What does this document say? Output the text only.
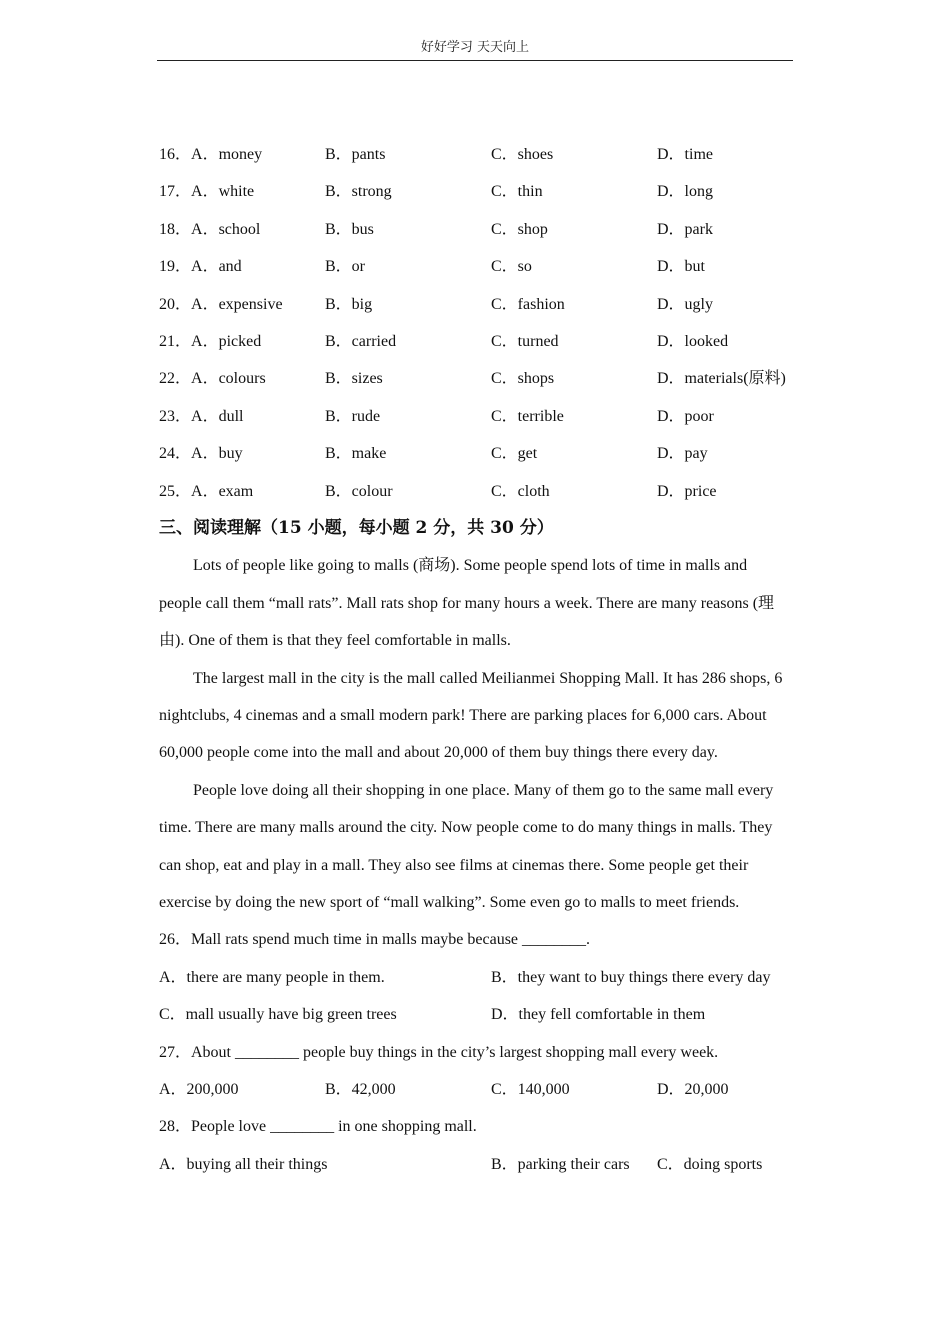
好好学习 天天向上
16．A．money	B．pants	C．shoes	D．time
17．A．white	B．strong	C．thin	D．long
18．A．school	B．bus	C．shop	D．park
19．A．and	B．or	C．so	D．but
20．A．expensive	B．big	C．fashion	D．ugly
21．A．picked	B．carried	C．turned	D．looked
22．A．colours	B．sizes	C．shops	D．materials(原料)
23．A．dull	B．rude	C．terrible	D．poor
24．A．buy	B．make	C．get	D．pay
25．A．exam	B．colour	C．cloth	D．price
三、阅读理解（15 小题，每小题 2 分，共 30 分）

Lots of people like going to malls (商场). Some people spend lots of time in malls and people call them “mall rats”. Mall rats shop for many hours a week. There are many reasons (理由). One of them is that they feel comfortable in malls.

The largest mall in the city is the mall called Meilianmei Shopping Mall. It has 286 shops, 6 nightclubs, 4 cinemas and a small modern park! There are parking places for 6,000 cars. About 60,000 people come into the mall and about 20,000 of them buy things there every day.

People love doing all their shopping in one place. Many of them go to the same mall every time. There are many malls around the city. Now people come to do many things in malls. They can shop, eat and play in a mall. They also see films at cinemas there. Some people get their exercise by doing the new sport of “mall walking”. Some even go to malls to meet friends.

26．Mall rats spend much time in malls maybe because ________.
A．there are many people in them.	B．they want to buy things there every day
C．mall usually have big green trees	D．they fell comfortable in them
27．About ________ people buy things in the city’s largest shopping mall every week.
A．200,000	B．42,000	C．140,000	D．20,000
28．People love ________ in one shopping mall.
A．buying all their things	B．parking their cars	C．doing sports
